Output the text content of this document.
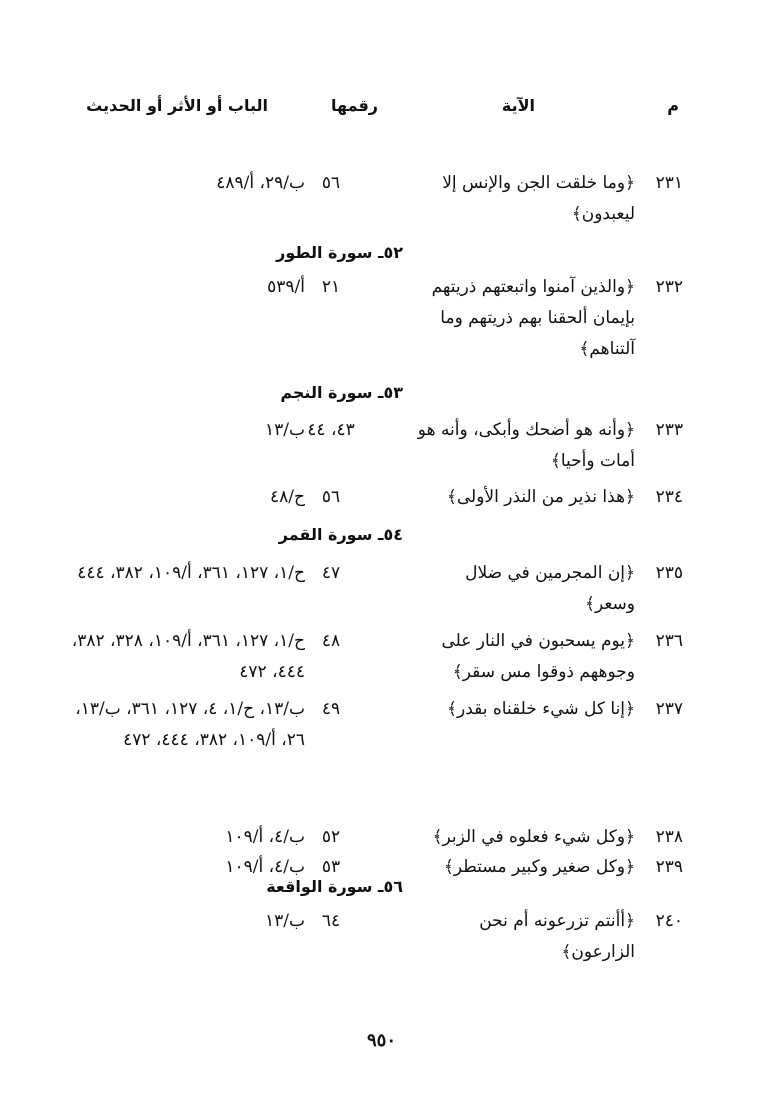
م
الآية
رقمها
الباب أو الأثر أو الحديث
٢٣١
﴿وما خلقت الجن والإنس إلا ليعبدون﴾
٥٦
ب/٢٩، أ/٤٨٩
٥٢ـ سورة الطور
٢٣٢
﴿والذين آمنوا واتبعتهم ذريتهم بإيمان ألحقنا بهم ذريتهم وما آلتناهم﴾
٢١
أ/٥٣٩
٥٣ـ سورة النجم
٢٣٣
﴿وأنه هو أضحك وأبكى، وأنه هو أمات وأحيا﴾
٤٣، ٤٤
ب/١٣
٢٣٤
﴿هذا نذير من النذر الأولى﴾
٥٦
ح/٤٨
٥٤ـ سورة القمر
٢٣٥
﴿إن المجرمين في ضلال وسعر﴾
٤٧
ح/١، ١٢٧، ٣٦١، أ/١٠٩، ٣٨٢، ٤٤٤
٢٣٦
﴿يوم يسحبون في النار على وجوههم ذوقوا مس سقر﴾
٤٨
ح/١، ١٢٧، ٣٦١، أ/١٠٩، ٣٢٨، ٣٨٢، ٤٤٤، ٤٧٢
٢٣٧
﴿إنا كل شيء خلقناه بقدر﴾
٤٩
ب/١٣، ح/١، ٤، ١٢٧، ٣٦١، ب/١٣، ٢٦، أ/١٠٩، ٣٨٢، ٤٤٤، ٤٧٢
٢٣٨
﴿وكل شيء فعلوه في الزبر﴾
٥٢
ب/٤، أ/١٠٩
٢٣٩
﴿وكل صغير وكبير مستطر﴾
٥٣
ب/٤، أ/١٠٩
٥٦ـ سورة الواقعة
٢٤٠
﴿أأنتم تزرعونه أم نحن الزارعون﴾
٦٤
ب/١٣
٩٥٠
